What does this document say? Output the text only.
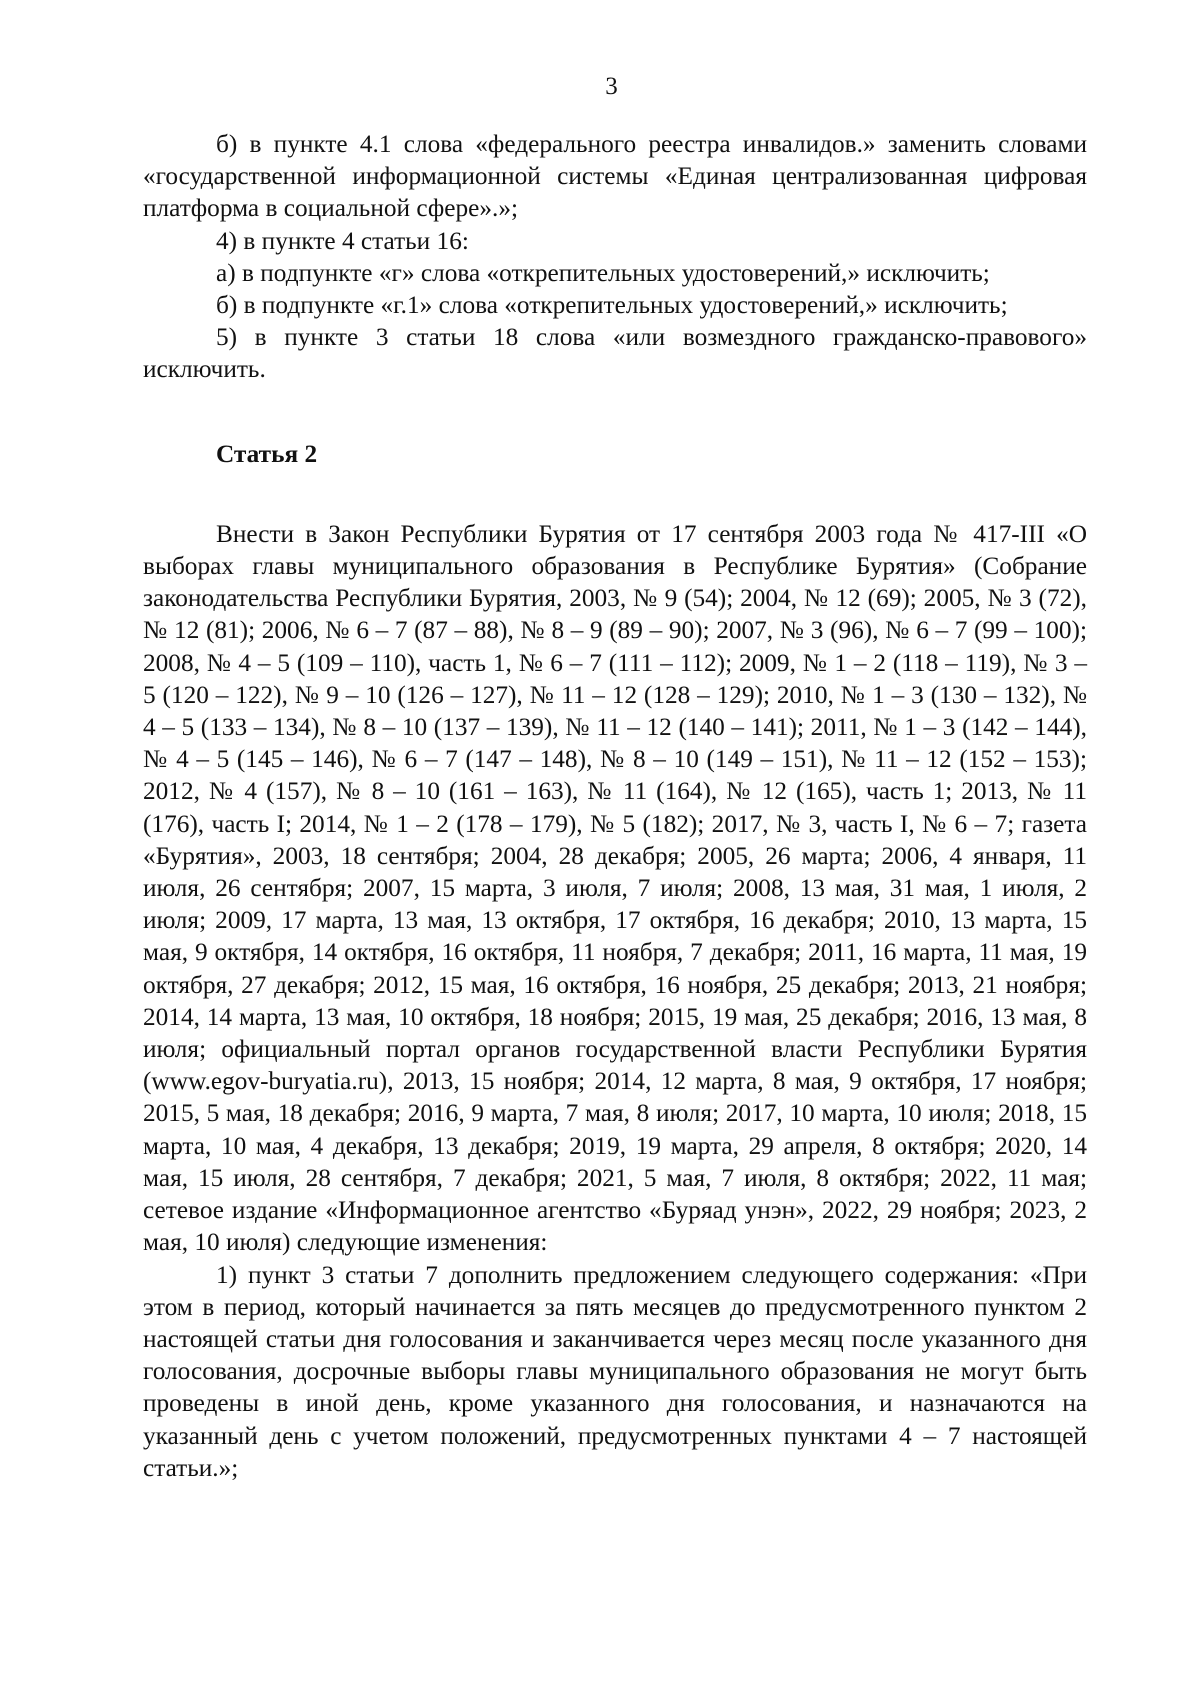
3

б) в пункте 4.1 слова «федерального реестра инвалидов.» заменить словами «государственной информационной системы «Единая централизованная цифровая платформа в социальной сфере».»;

4) в пункте 4 статьи 16:

а) в подпункте «г» слова «открепительных удостоверений,» исключить;

б) в подпункте «г.1» слова «открепительных удостоверений,» исключить;

5) в пункте 3 статьи 18 слова «или возмездного гражданско-правового» исключить.

Статья 2

Внести в Закон Республики Бурятия от 17 сентября 2003 года № 417-III «О выборах главы муниципального образования в Республике Бурятия» (Собрание законодательства Республики Бурятия, 2003, № 9 (54); 2004, № 12 (69); 2005, № 3 (72), № 12 (81); 2006, № 6 – 7 (87 – 88), № 8 – 9 (89 – 90); 2007, № 3 (96), № 6 – 7 (99 – 100); 2008, № 4 – 5 (109 – 110), часть 1, № 6 – 7 (111 – 112); 2009, № 1 – 2 (118 – 119), № 3 – 5 (120 – 122), № 9 – 10 (126 – 127), № 11 – 12 (128 – 129); 2010, № 1 – 3 (130 – 132), № 4 – 5 (133 – 134), № 8 – 10 (137 – 139), № 11 – 12 (140 – 141); 2011, № 1 – 3 (142 – 144), № 4 – 5 (145 – 146), № 6 – 7 (147 – 148), № 8 – 10 (149 – 151), № 11 – 12 (152 – 153); 2012, № 4 (157), № 8 – 10 (161 – 163), № 11 (164), № 12 (165), часть 1; 2013, № 11 (176), часть I; 2014, № 1 – 2 (178 – 179), № 5 (182); 2017, № 3, часть I, № 6 – 7; газета «Бурятия», 2003, 18 сентября; 2004, 28 декабря; 2005, 26 марта; 2006, 4 января, 11 июля, 26 сентября; 2007, 15 марта, 3 июля, 7 июля; 2008, 13 мая, 31 мая, 1 июля, 2 июля; 2009, 17 марта, 13 мая, 13 октября, 17 октября, 16 декабря; 2010, 13 марта, 15 мая, 9 октября, 14 октября, 16 октября, 11 ноября, 7 декабря; 2011, 16 марта, 11 мая, 19 октября, 27 декабря; 2012, 15 мая, 16 октября, 16 ноября, 25 декабря; 2013, 21 ноября; 2014, 14 марта, 13 мая, 10 октября, 18 ноября; 2015, 19 мая, 25 декабря; 2016, 13 мая, 8 июля; официальный портал органов государственной власти Республики Бурятия (www.egov-buryatia.ru), 2013, 15 ноября; 2014, 12 марта, 8 мая, 9 октября, 17 ноября; 2015, 5 мая, 18 декабря; 2016, 9 марта, 7 мая, 8 июля; 2017, 10 марта, 10 июля; 2018, 15 марта, 10 мая, 4 декабря, 13 декабря; 2019, 19 марта, 29 апреля, 8 октября; 2020, 14 мая, 15 июля, 28 сентября, 7 декабря; 2021, 5 мая, 7 июля, 8 октября; 2022, 11 мая; сетевое издание «Информационное агентство «Буряад унэн», 2022, 29 ноября; 2023, 2 мая, 10 июля) следующие изменения:

1) пункт 3 статьи 7 дополнить предложением следующего содержания: «При этом в период, который начинается за пять месяцев до предусмотренного пунктом 2 настоящей статьи дня голосования и заканчивается через месяц после указанного дня голосования, досрочные выборы главы муниципального образования не могут быть проведены в иной день, кроме указанного дня голосования, и назначаются на указанный день с учетом положений, предусмотренных пунктами 4 – 7 настоящей статьи.»;
